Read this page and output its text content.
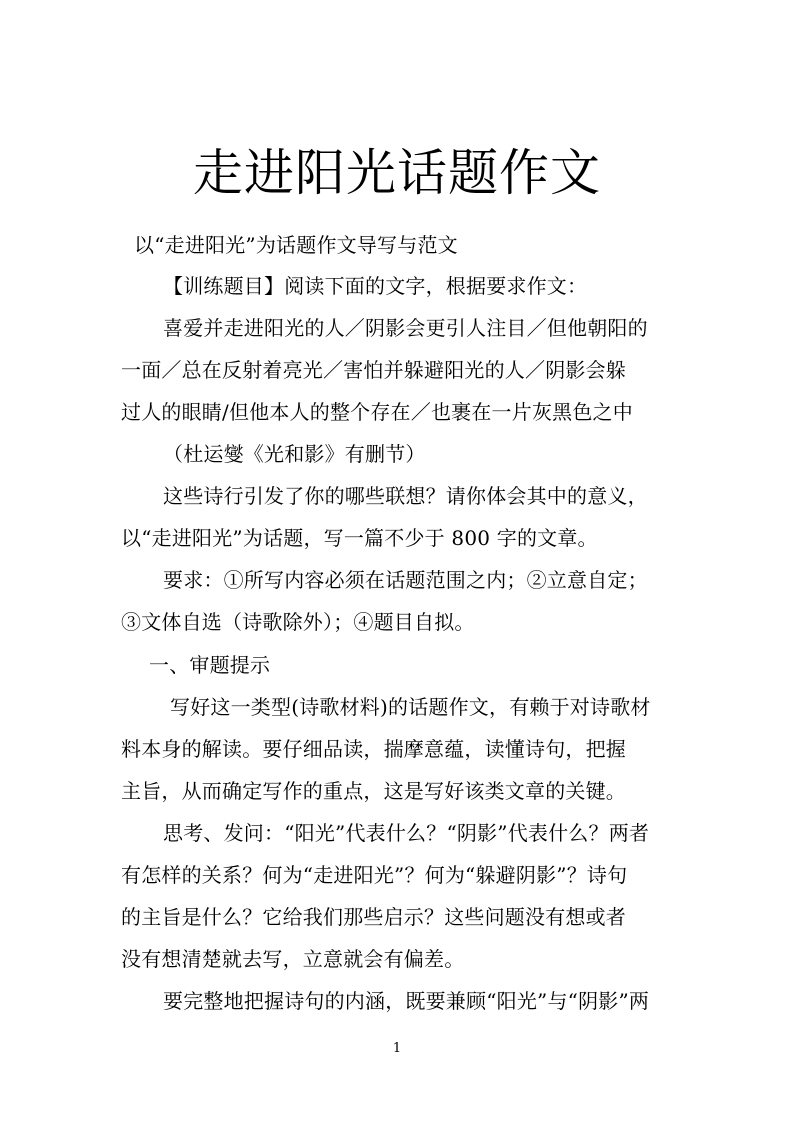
走进阳光话题作文
以“走进阳光”为话题作文导写与范文
【训练题目】阅读下面的文字，根据要求作文：
喜爱并走进阳光的人／阴影会更引人注目／但他朝阳的
一面／总在反射着亮光／害怕并躲避阳光的人／阴影会躲
过人的眼睛/但他本人的整个存在／也裹在一片灰黑色之中
（杜运燮《光和影》有删节）
这些诗行引发了你的哪些联想？请你体会其中的意义，
以“走进阳光”为话题，写一篇不少于 800 字的文章。
要求：①所写内容必须在话题范围之内；②立意自定；
③文体自选（诗歌除外）；④题目自拟。
一、审题提示
写好这一类型(诗歌材料)的话题作文，有赖于对诗歌材
料本身的解读。要仔细品读，揣摩意蕴，读懂诗句，把握
主旨，从而确定写作的重点，这是写好该类文章的关键。
思考、发问：“阳光”代表什么？“阴影”代表什么？两者
有怎样的关系？何为“走进阳光”？何为“躲避阴影”？诗句
的主旨是什么？它给我们那些启示？这些问题没有想或者
没有想清楚就去写，立意就会有偏差。
要完整地把握诗句的内涵，既要兼顾“阳光”与“阴影”两
1
